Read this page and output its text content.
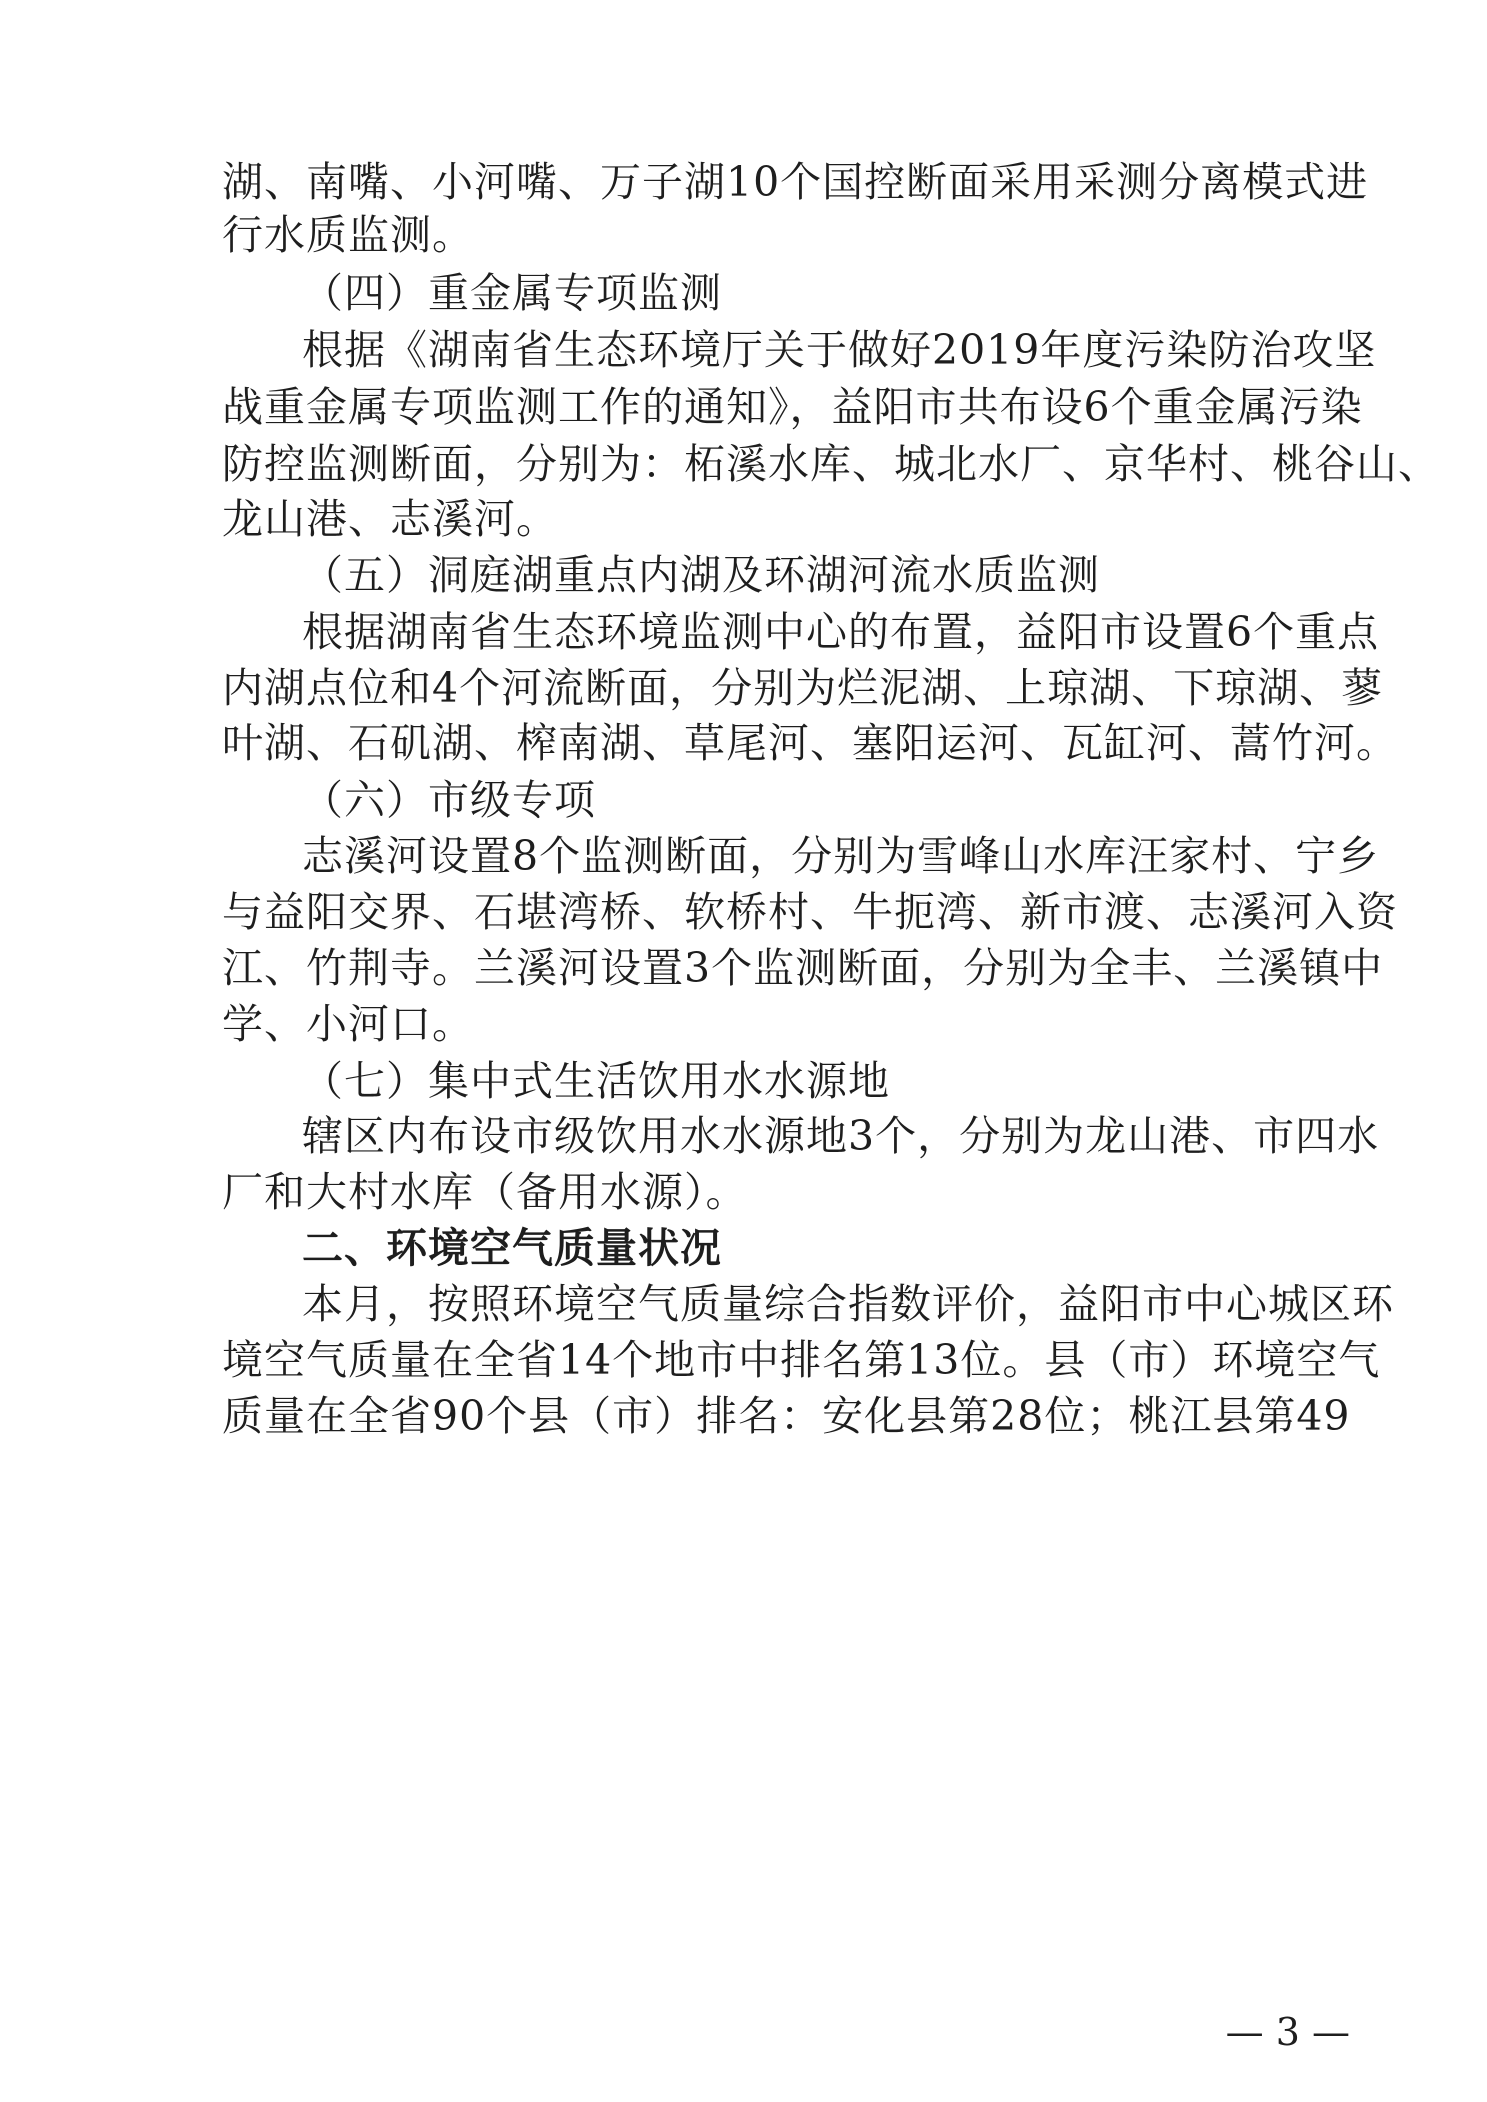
湖、南嘴、小河嘴、万子湖10个国控断面采用采测分离模式进
行水质监测。
（四）重金属专项监测
根据《湖南省生态环境厅关于做好2019年度污染防治攻坚
战重金属专项监测工作的通知》，益阳市共布设6个重金属污染
防控监测断面，分别为：柘溪水库、城北水厂、京华村、桃谷山、
龙山港、志溪河。
（五）洞庭湖重点内湖及环湖河流水质监测
根据湖南省生态环境监测中心的布置，益阳市设置6个重点
内湖点位和4个河流断面，分别为烂泥湖、上琼湖、下琼湖、蓼
叶湖、石矶湖、榨南湖、草尾河、塞阳运河、瓦缸河、蒿竹河。
（六）市级专项
志溪河设置8个监测断面，分别为雪峰山水库汪家村、宁乡
与益阳交界、石堪湾桥、软桥村、牛扼湾、新市渡、志溪河入资
江、竹荆寺。兰溪河设置3个监测断面，分别为全丰、兰溪镇中
学、小河口。
（七）集中式生活饮用水水源地
辖区内布设市级饮用水水源地3个，分别为龙山港、市四水
厂和大村水库（备用水源）。
二、环境空气质量状况
本月，按照环境空气质量综合指数评价，益阳市中心城区环
境空气质量在全省14个地市中排名第13位。县（市）环境空气
质量在全省90个县（市）排名：安化县第28位；桃江县第49
— 3 —
